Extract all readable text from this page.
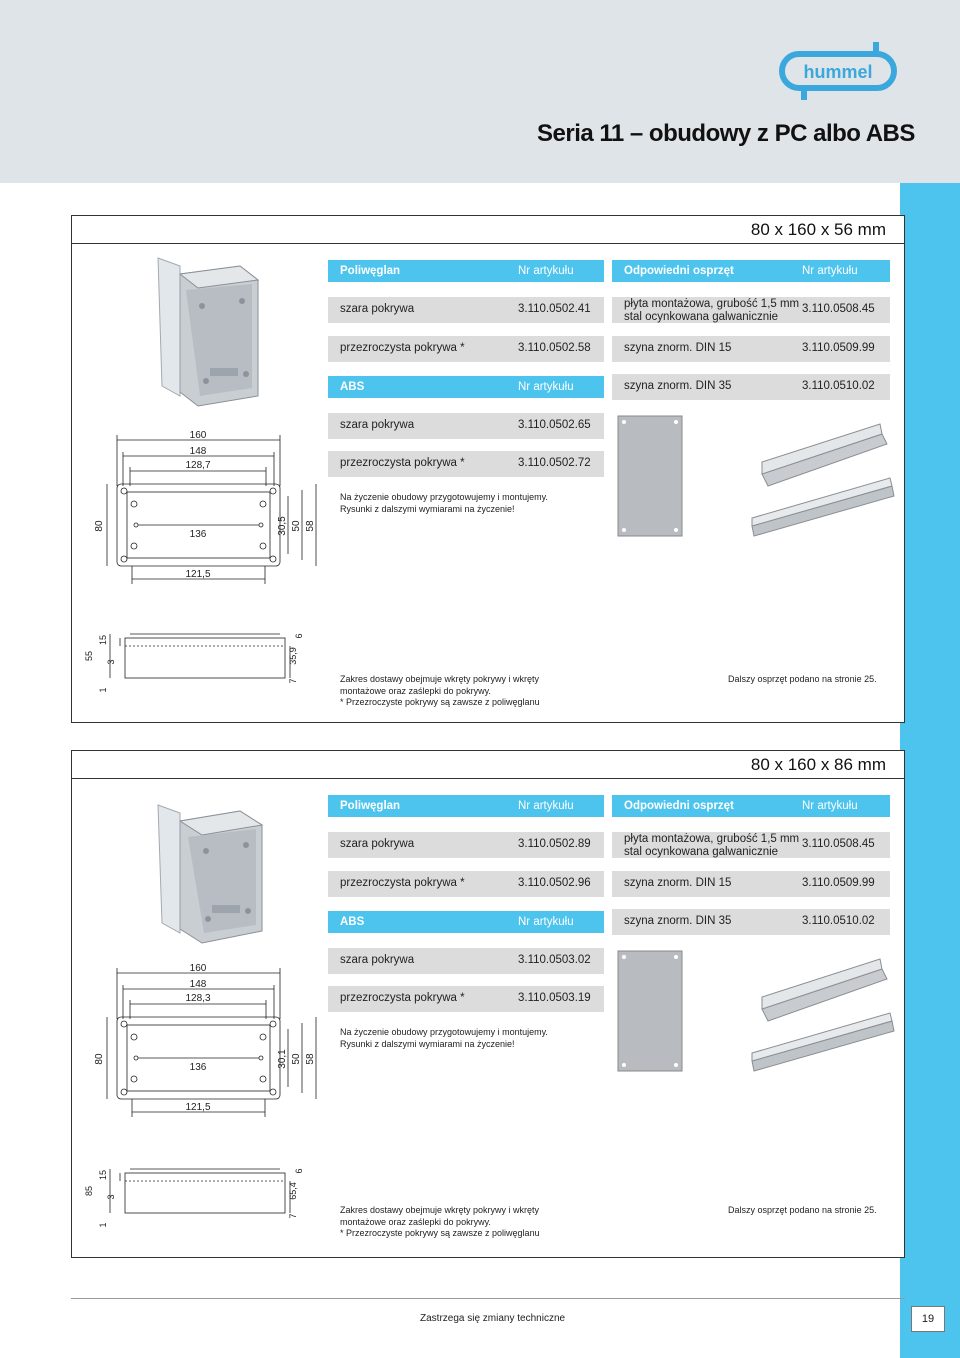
hummel
Seria 11 – obudowy z PC albo ABS
80 x 160 x 56 mm
160
148
128,7
136
121,5
80	30,5 50 58
55
15
3
1
7
35,9
6
Poliwęglan	Nr artykułu
szara pokrywa	3.110.0502.41
przezroczysta pokrywa *	3.110.0502.58
ABS	Nr artykułu
szara pokrywa	3.110.0502.65
przezroczysta pokrywa *	3.110.0502.72
Na życzenie obudowy przygotowujemy i montujemy.
Rysunki z dalszymi wymiarami na życzenie!
Odpowiedni osprzęt	Nr artykułu
płyta montażowa, grubość 1,5 mm
stal ocynkowana galwanicznie
3.110.0508.45
szyna znorm. DIN 15	3.110.0509.99
szyna znorm. DIN 35	3.110.0510.02
Zakres dostawy obejmuje wkręty pokrywy i wkręty
montażowe oraz zaślepki do pokrywy.
* Przezroczyste pokrywy są zawsze z poliwęglanu
Dalszy osprzęt podano na stronie 25.
80 x 160 x 86 mm
160
148
128,3
136
121,5
80	30,1 50 58
85
15
3
1
7
65,4
6
Poliwęglan	Nr artykułu
szara pokrywa	3.110.0502.89
przezroczysta pokrywa *	3.110.0502.96
ABS	Nr artykułu
szara pokrywa	3.110.0503.02
przezroczysta pokrywa *	3.110.0503.19
Na życzenie obudowy przygotowujemy i montujemy.
Rysunki z dalszymi wymiarami na życzenie!
Odpowiedni osprzęt	Nr artykułu
płyta montażowa, grubość 1,5 mm
stal ocynkowana galwanicznie
3.110.0508.45
szyna znorm. DIN 15	3.110.0509.99
szyna znorm. DIN 35	3.110.0510.02
Zakres dostawy obejmuje wkręty pokrywy i wkręty
montażowe oraz zaślepki do pokrywy.
* Przezroczyste pokrywy są zawsze z poliwęglanu
Dalszy osprzęt podano na stronie 25.
Zastrzega się zmiany techniczne	19
